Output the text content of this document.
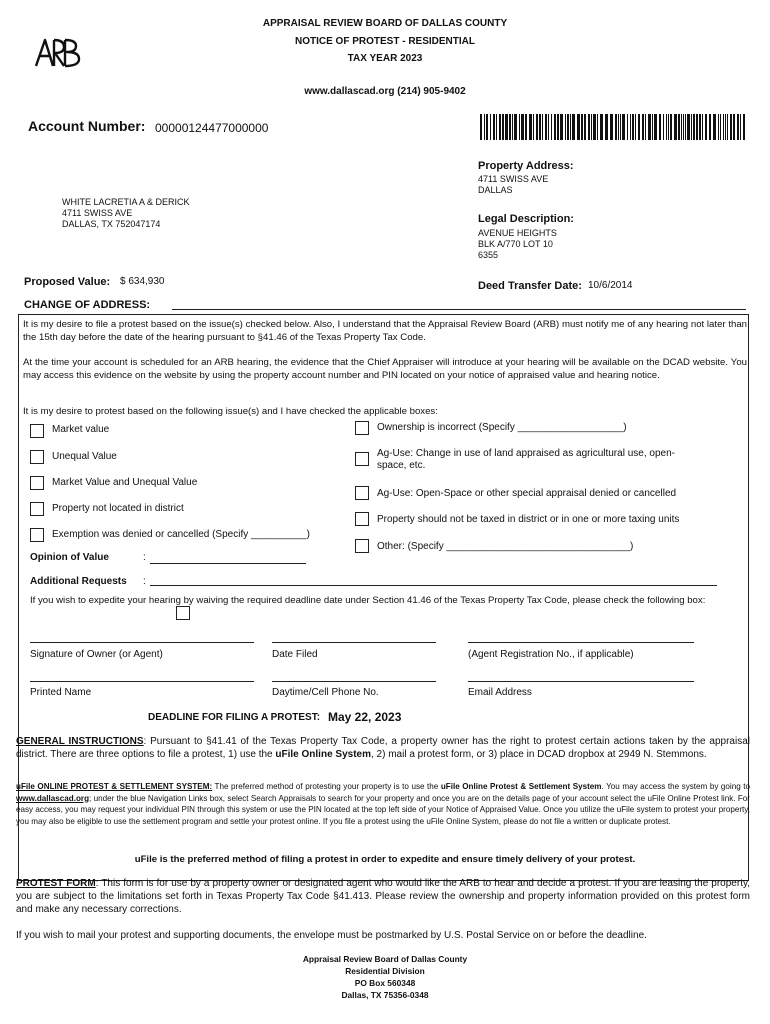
APPRAISAL REVIEW BOARD OF DALLAS COUNTY
NOTICE OF PROTEST - RESIDENTIAL
TAX YEAR 2023
www.dallascad.org (214) 905-9402
Account Number: 00000124477000000
Property Address:
4711 SWISS AVE
DALLAS
WHITE LACRETIA A & DERICK
4711 SWISS AVE
DALLAS, TX 752047174	Legal Description:
AVENUE HEIGHTS
BLK A/770 LOT 10
6355
Proposed Value: $ 634,930	Deed Transfer Date: 10/6/2014
CHANGE OF ADDRESS:
It is my desire to file a protest based on the issue(s) checked below. Also, I understand that the Appraisal Review Board (ARB) must notify me of any hearing not later than the 15th day before the date of the hearing pursuant to §41.46 of the Texas Property Tax Code.
At the time your account is scheduled for an ARB hearing, the evidence that the Chief Appraiser will introduce at your hearing will be available on the DCAD website. You may access this evidence on the website by using the property account number and PIN located on your notice of appraised value and hearing notice.
It is my desire to protest based on the following issue(s) and I have checked the applicable boxes:
Market value
Unequal Value
Market Value and Unequal Value
Property not located in district
Exemption was denied or cancelled (Specify __________)
Ownership is incorrect (Specify ___________________)
Ag-Use: Change in use of land appraised as agricultural use, open-space, etc.
Ag-Use: Open-Space or other special appraisal denied or cancelled
Property should not be taxed in district or in one or more taxing units
Other: (Specify _________________________________)
Opinion of Value	:
Additional Requests :
If you wish to expedite your hearing by waiving the required deadline date under Section 41.46 of the Texas Property Tax Code, please check the following box:
Signature of Owner (or Agent)	Date Filed	(Agent Registration No., if applicable)
Printed Name	Daytime/Cell Phone No.	Email Address
DEADLINE FOR FILING A PROTEST: May 22, 2023
GENERAL INSTRUCTIONS: Pursuant to §41.41 of the Texas Property Tax Code, a property owner has the right to protest certain actions taken by the appraisal district. There are three options to file a protest, 1) use the uFile Online System, 2) mail a protest form, or 3) place in DCAD dropbox at 2949 N. Stemmons.
uFile ONLINE PROTEST & SETTLEMENT SYSTEM: The preferred method of protesting your property is to use the uFile Online Protest & Settlement System. You may access the system by going to www.dallascad.org; under the blue Navigation Links box, select Search Appraisals to search for your property and once you are on the details page of your account select the uFile Online Protest link. For easy access, you may request your individual PIN through this system or use the PIN located at the top left side of your Notice of Appraised Value. Once you utilize the uFile system to protest your property, you may also be eligible to use the settlement program and settle your protest online. If you file a protest using the uFile Online System, please do not file a written or duplicate protest.
uFile is the preferred method of filing a protest in order to expedite and ensure timely delivery of your protest.
PROTEST FORM: This form is for use by a property owner or designated agent who would like the ARB to hear and decide a protest. If you are leasing the property, you are subject to the limitations set forth in Texas Property Tax Code §41.413. Please review the ownership and property information provided on this protest form and make any necessary corrections.
If you wish to mail your protest and supporting documents, the envelope must be postmarked by U.S. Postal Service on or before the deadline.
Appraisal Review Board of Dallas County
Residential Division
PO Box 560348
Dallas, TX 75356-0348
